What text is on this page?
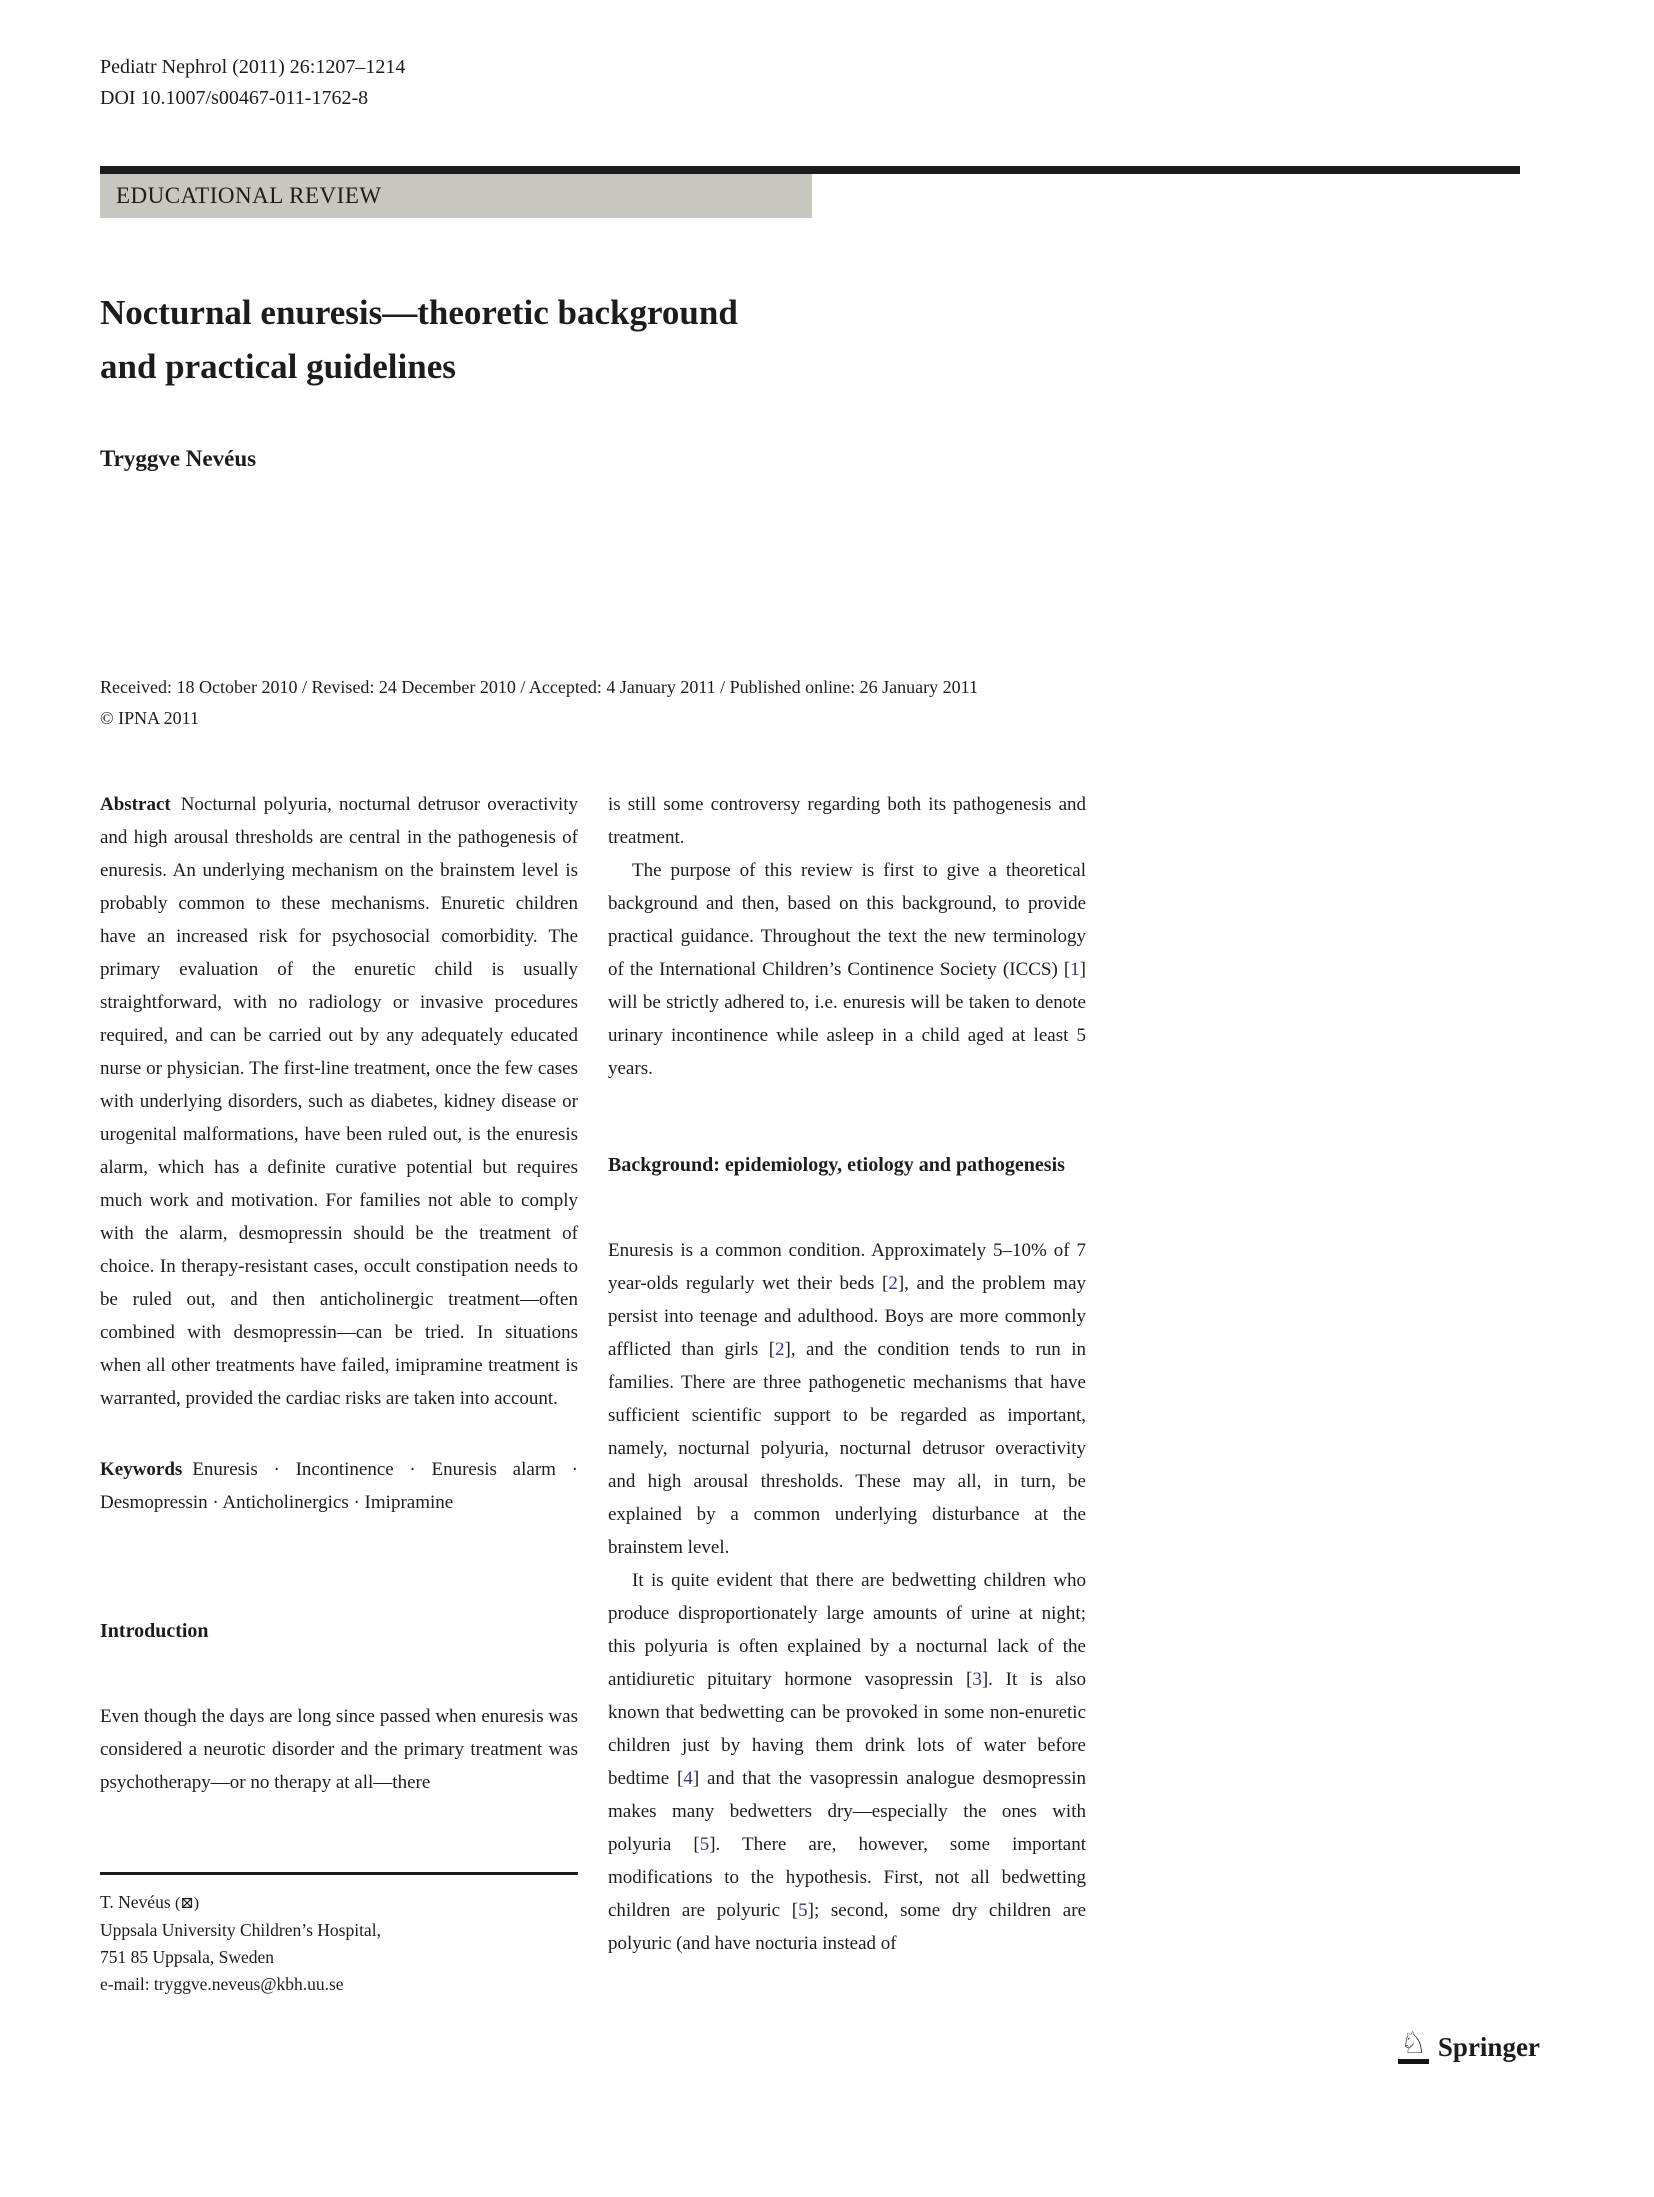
Pediatr Nephrol (2011) 26:1207–1214
DOI 10.1007/s00467-011-1762-8
EDUCATIONAL REVIEW
Nocturnal enuresis—theoretic background and practical guidelines
Tryggve Nevéus
Received: 18 October 2010 / Revised: 24 December 2010 / Accepted: 4 January 2011 / Published online: 26 January 2011
© IPNA 2011

Abstract Nocturnal polyuria, nocturnal detrusor overactivity and high arousal thresholds are central in the pathogenesis of enuresis. An underlying mechanism on the brainstem level is probably common to these mechanisms. Enuretic children have an increased risk for psychosocial comorbidity. The primary evaluation of the enuretic child is usually straightforward, with no radiology or invasive procedures required, and can be carried out by any adequately educated nurse or physician. The first-line treatment, once the few cases with underlying disorders, such as diabetes, kidney disease or urogenital malformations, have been ruled out, is the enuresis alarm, which has a definite curative potential but requires much work and motivation. For families not able to comply with the alarm, desmopressin should be the treatment of choice. In therapy-resistant cases, occult constipation needs to be ruled out, and then anticholinergic treatment—often combined with desmopressin—can be tried. In situations when all other treatments have failed, imipramine treatment is warranted, provided the cardiac risks are taken into account.

Keywords Enuresis · Incontinence · Enuresis alarm · Desmopressin · Anticholinergics · Imipramine

Introduction

Even though the days are long since passed when enuresis was considered a neurotic disorder and the primary treatment was psychotherapy—or no therapy at all—there

is still some controversy regarding both its pathogenesis and treatment.

The purpose of this review is first to give a theoretical background and then, based on this background, to provide practical guidance. Throughout the text the new terminology of the International Children’s Continence Society (ICCS) [1] will be strictly adhered to, i.e. enuresis will be taken to denote urinary incontinence while asleep in a child aged at least 5 years.

Background: epidemiology, etiology and pathogenesis

Enuresis is a common condition. Approximately 5–10% of 7 year-olds regularly wet their beds [2], and the problem may persist into teenage and adulthood. Boys are more commonly afflicted than girls [2], and the condition tends to run in families. There are three pathogenetic mechanisms that have sufficient scientific support to be regarded as important, namely, nocturnal polyuria, nocturnal detrusor overactivity and high arousal thresholds. These may all, in turn, be explained by a common underlying disturbance at the brainstem level.

It is quite evident that there are bedwetting children who produce disproportionately large amounts of urine at night; this polyuria is often explained by a nocturnal lack of the antidiuretic pituitary hormone vasopressin [3]. It is also known that bedwetting can be provoked in some non-enuretic children just by having them drink lots of water before bedtime [4] and that the vasopressin analogue desmopressin makes many bedwetters dry—especially the ones with polyuria [5]. There are, however, some important modifications to the hypothesis. First, not all bedwetting children are polyuric [5]; second, some dry children are polyuric (and have nocturia instead of

T. Nevéus (⊠)
Uppsala University Children’s Hospital,
751 85 Uppsala, Sweden
e-mail: tryggve.neveus@kbh.uu.se
♘ Springer
